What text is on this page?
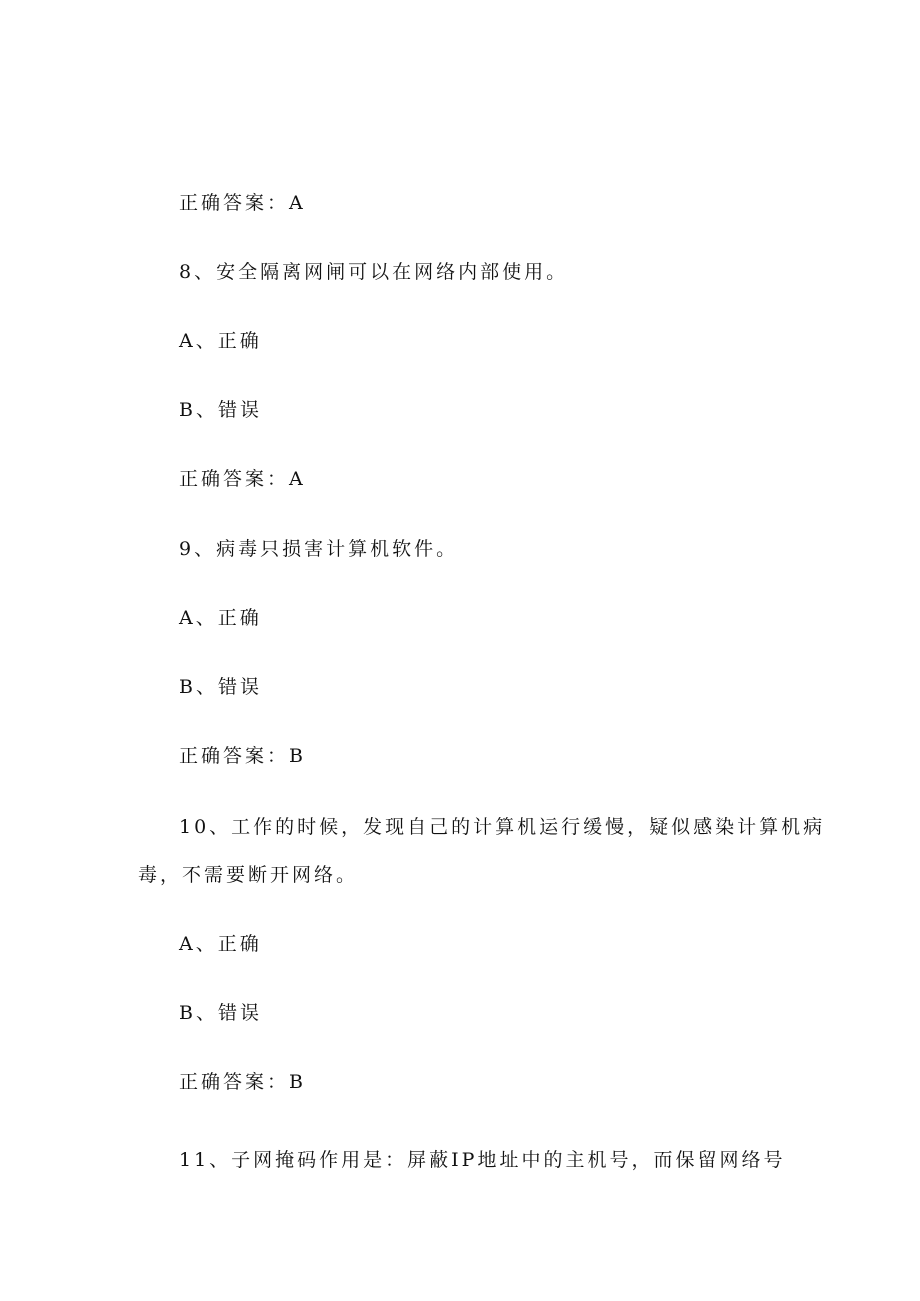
正确答案：A
8、安全隔离网闸可以在网络内部使用。
A、正确
B、错误
正确答案：A
9、病毒只损害计算机软件。
A、正确
B、错误
正确答案：B
10、工作的时候，发现自己的计算机运行缓慢，疑似感染计算机病
毒，不需要断开网络。
A、正确
B、错误
正确答案：B
11、子网掩码作用是：屏蔽IP地址中的主机号，而保留网络号
